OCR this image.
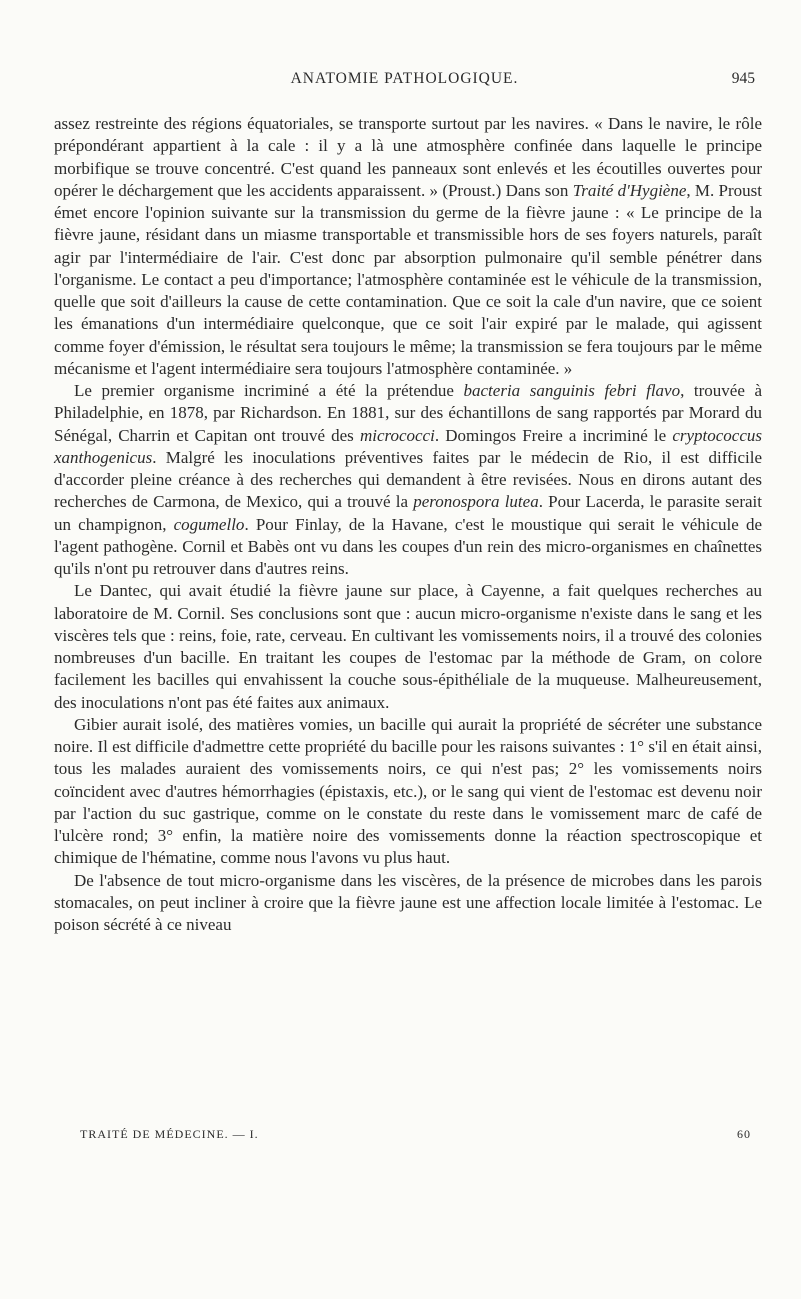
ANATOMIE PATHOLOGIQUE.	945

assez restreinte des régions équatoriales, se transporte surtout par les navires. « Dans le navire, le rôle prépondérant appartient à la cale : il y a là une atmosphère confinée dans laquelle le principe morbifique se trouve concentré. C'est quand les panneaux sont enlevés et les écoutilles ouvertes pour opérer le déchargement que les accidents apparaissent. » (Proust.) Dans son Traité d'Hygiène, M. Proust émet encore l'opinion suivante sur la transmission du germe de la fièvre jaune : « Le principe de la fièvre jaune, résidant dans un miasme transportable et transmissible hors de ses foyers naturels, paraît agir par l'intermédiaire de l'air. C'est donc par absorption pulmonaire qu'il semble pénétrer dans l'organisme. Le contact a peu d'importance; l'atmosphère contaminée est le véhicule de la transmission, quelle que soit d'ailleurs la cause de cette contamination. Que ce soit la cale d'un navire, que ce soient les émanations d'un intermédiaire quelconque, que ce soit l'air expiré par le malade, qui agissent comme foyer d'émission, le résultat sera toujours le même; la transmission se fera toujours par le même mécanisme et l'agent intermédiaire sera toujours l'atmosphère contaminée. »

Le premier organisme incriminé a été la prétendue bacteria sanguinis febri flavo, trouvée à Philadelphie, en 1878, par Richardson. En 1881, sur des échantillons de sang rapportés par Morard du Sénégal, Charrin et Capitan ont trouvé des micrococci. Domingos Freire a incriminé le cryptococcus xanthogenicus. Malgré les inoculations préventives faites par le médecin de Rio, il est difficile d'accorder pleine créance à des recherches qui demandent à être revisées. Nous en dirons autant des recherches de Carmona, de Mexico, qui a trouvé la peronospora lutea. Pour Lacerda, le parasite serait un champignon, cogumello. Pour Finlay, de la Havane, c'est le moustique qui serait le véhicule de l'agent pathogène. Cornil et Babès ont vu dans les coupes d'un rein des micro-organismes en chaînettes qu'ils n'ont pu retrouver dans d'autres reins.

Le Dantec, qui avait étudié la fièvre jaune sur place, à Cayenne, a fait quelques recherches au laboratoire de M. Cornil. Ses conclusions sont que : aucun micro-organisme n'existe dans le sang et les viscères tels que : reins, foie, rate, cerveau. En cultivant les vomissements noirs, il a trouvé des colonies nombreuses d'un bacille. En traitant les coupes de l'estomac par la méthode de Gram, on colore facilement les bacilles qui envahissent la couche sous-épithéliale de la muqueuse. Malheureusement, des inoculations n'ont pas été faites aux animaux.

Gibier aurait isolé, des matières vomies, un bacille qui aurait la propriété de sécréter une substance noire. Il est difficile d'admettre cette propriété du bacille pour les raisons suivantes : 1° s'il en était ainsi, tous les malades auraient des vomissements noirs, ce qui n'est pas; 2° les vomissements noirs coïncident avec d'autres hémorrhagies (épistaxis, etc.), or le sang qui vient de l'estomac est devenu noir par l'action du suc gastrique, comme on le constate du reste dans le vomissement marc de café de l'ulcère rond; 3° enfin, la matière noire des vomissements donne la réaction spectroscopique et chimique de l'hématine, comme nous l'avons vu plus haut.

De l'absence de tout micro-organisme dans les viscères, de la présence de microbes dans les parois stomacales, on peut incliner à croire que la fièvre jaune est une affection locale limitée à l'estomac. Le poison sécrété à ce niveau

TRAITÉ DE MÉDECINE. — I.	60
